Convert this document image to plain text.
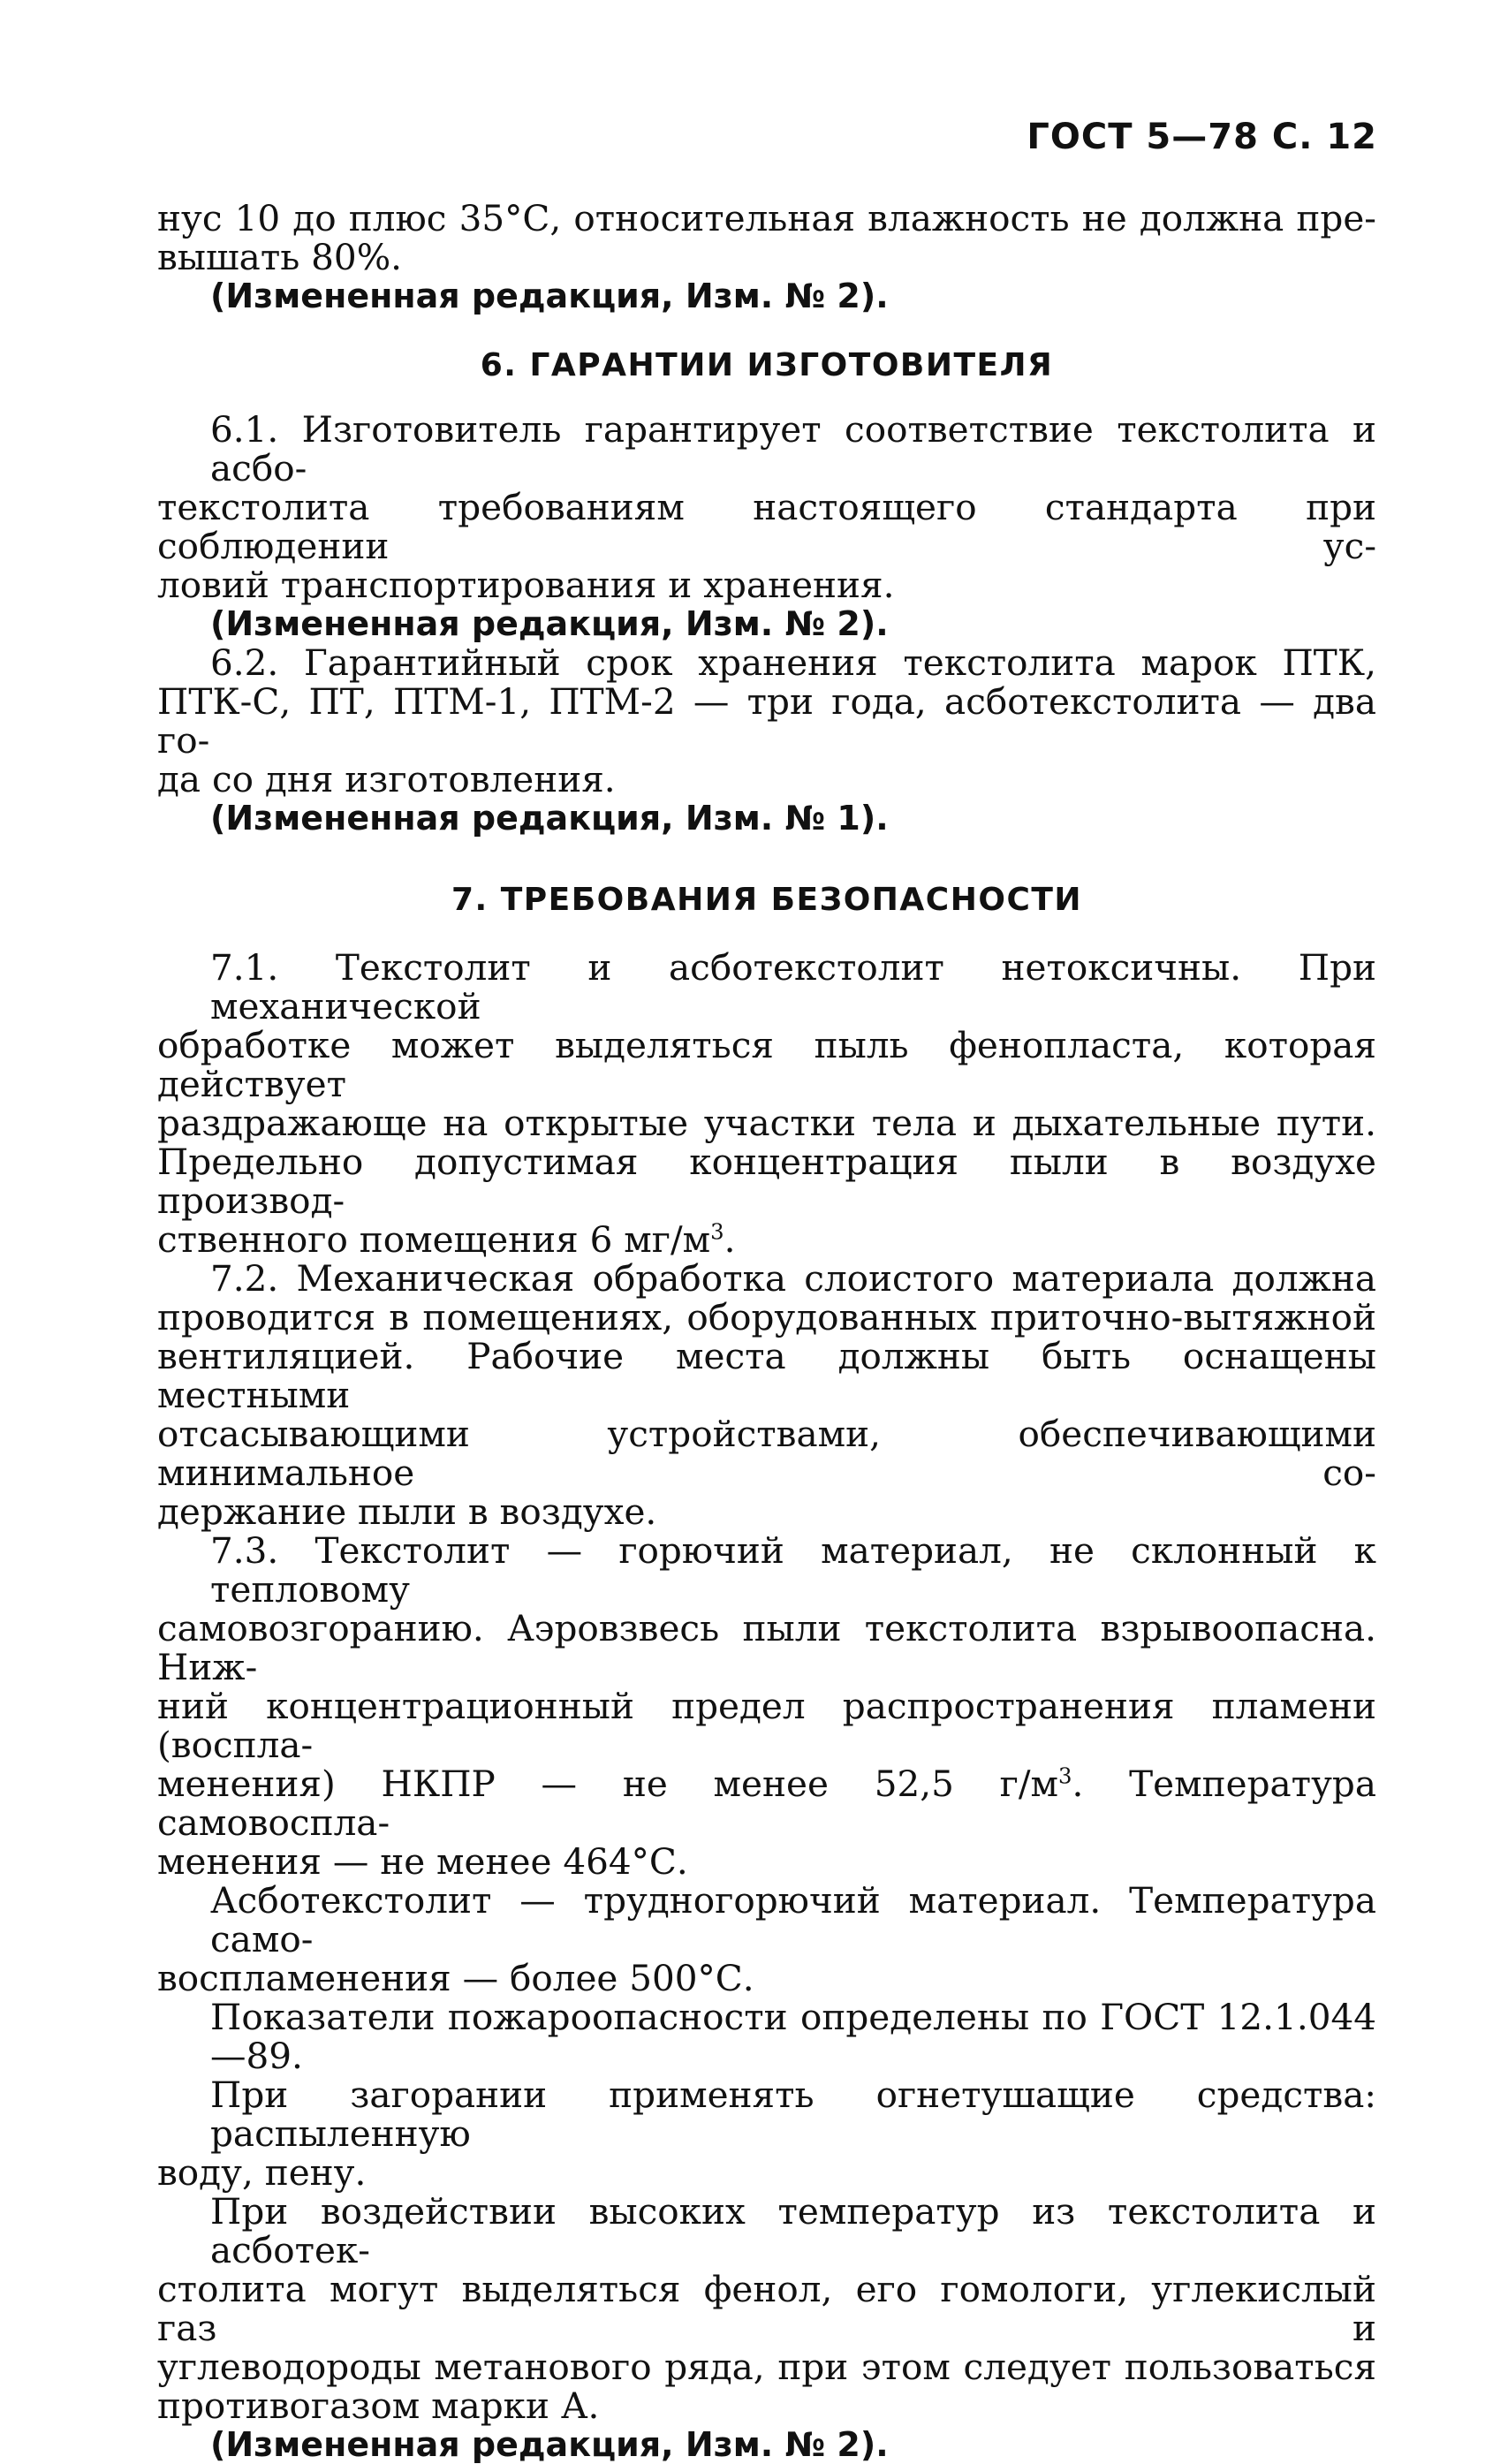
ГОСТ 5—78 С. 12

нус 10 до плюс 35°С, относительная влажность не должна пре-
вышать 80%.

(Измененная редакция, Изм. № 2).

6. ГАРАНТИИ ИЗГОТОВИТЕЛЯ

6.1. Изготовитель гарантирует соответствие текстолита и асбо-

текстолита требованиям настоящего стандарта при соблюдении ус-
ловий транспортирования и хранения.

(Измененная редакция, Изм. № 2).

6.2. Гарантийный срок хранения текстолита марок ПТК,

ПТК-С, ПТ, ПТМ-1, ПТМ-2 — три года, асботекстолита — два го-
да со дня изготовления.

(Измененная редакция, Изм. № 1).

7. ТРЕБОВАНИЯ БЕЗОПАСНОСТИ

7.1. Текстолит и асботекстолит нетоксичны. При механической

обработке может выделяться пыль фенопласта, которая действует
раздражающе на открытые участки тела и дыхательные пути.
Предельно допустимая концентрация пыли в воздухе производ-
ственного помещения 6 $мг/м^3$.

7.2. Механическая обработка слоистого материала должна

проводится в помещениях, оборудованных приточно-вытяжной
вентиляцией. Рабочие места должны быть оснащены местными
отсасывающими устройствами, обеспечивающими минимальное со-
держание пыли в воздухе.

7.3. Текстолит — горючий материал, не склонный к тепловому

самовозгоранию. Аэровзвесь пыли текстолита взрывоопасна. Ниж-
ний концентрационный предел распространения пламени (воспла-
менения) НКПР — не менее 52,5 $г/м^3$. Температура самовоспла-
менения — не менее 464°С.

Асботекстолит — трудногорючий материал. Температура само-

воспламенения — более 500°С.

Показатели пожароопасности определены по ГОСТ 12.1.044—89.

При загорании применять огнетушащие средства: распыленную

воду, пену.

При воздействии высоких температур из текстолита и асботек-

столита могут выделяться фенол, его гомологи, углекислый газ и
углеводороды метанового ряда, при этом следует пользоваться
противогазом марки А.

(Измененная редакция, Изм. № 2).
